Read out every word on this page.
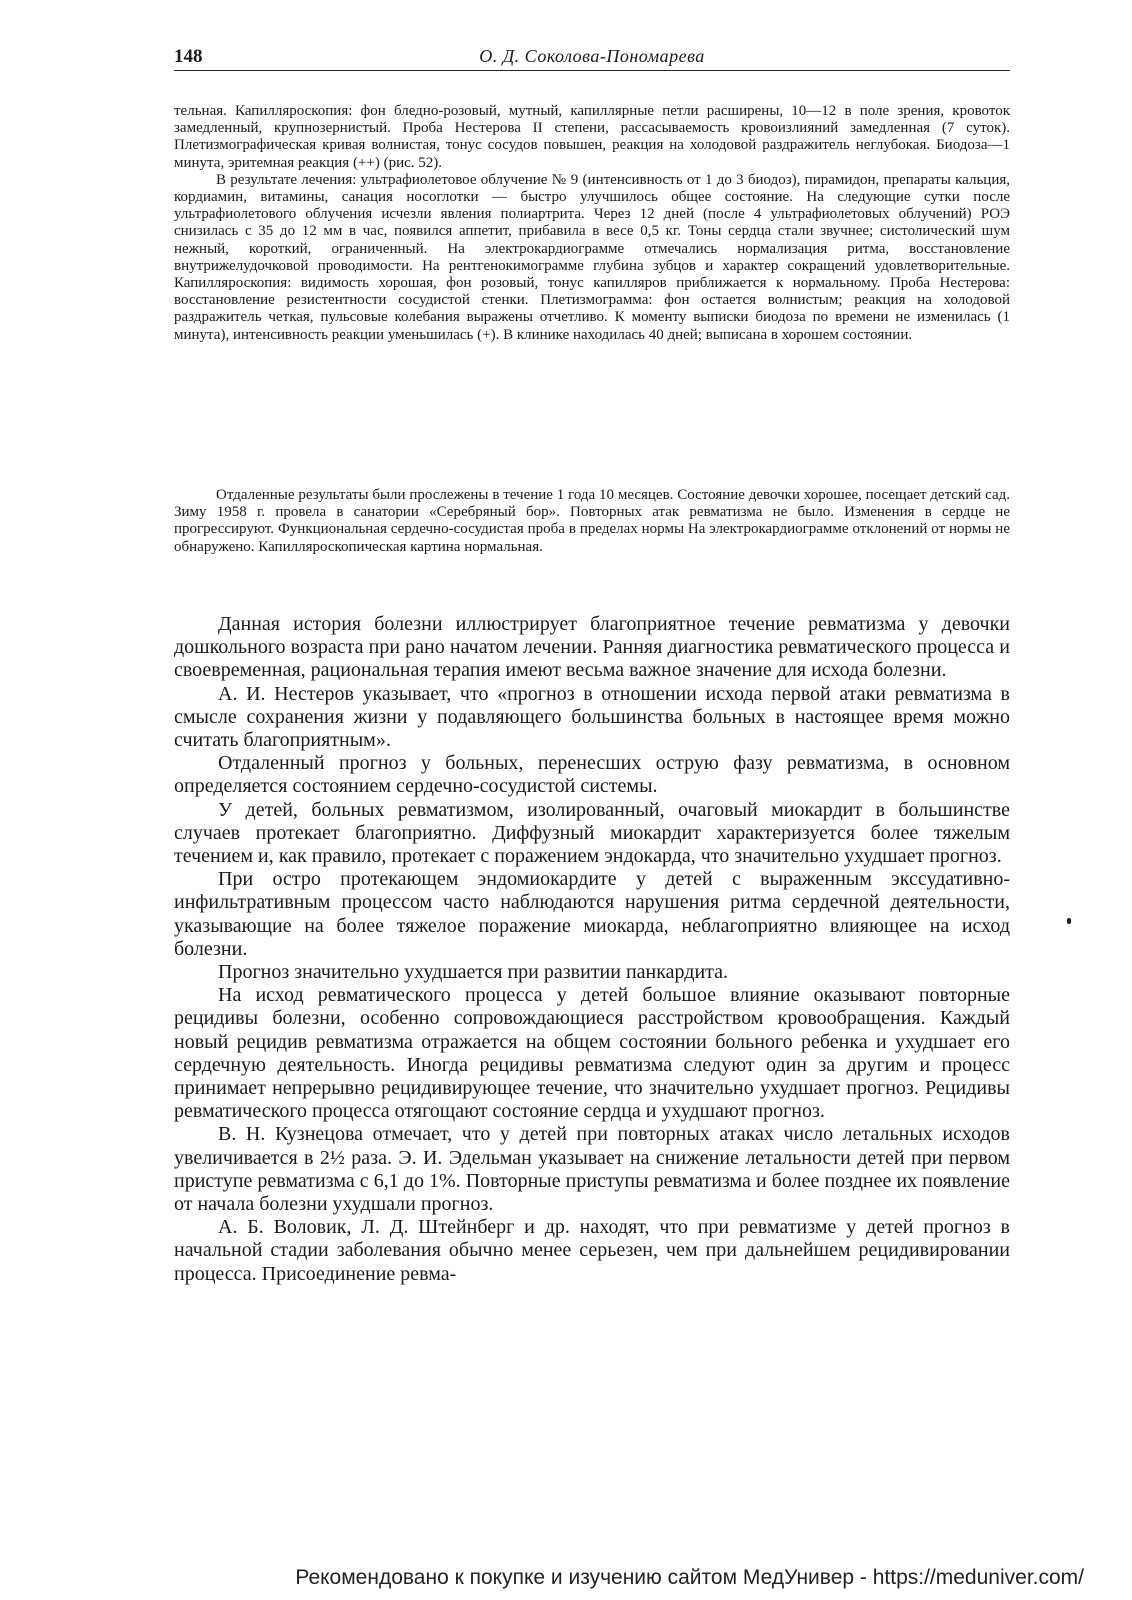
148	О. Д. Соколова-Пономарева

тельная. Капилляроскопия: фон бледно-розовый, мутный, капиллярные петли расширены, 10—12 в поле зрения, кровоток замедленный, крупнозернистый. Проба Нестерова II степени, рассасываемость кровоизлияний замедленная (7 суток). Плетизмографическая кривая волнистая, тонус сосудов повышен, реакция на холодовой раздражитель неглубокая. Биодоза—1 минута, эритемная реакция (++) (рис. 52).

В результате лечения: ультрафиолетовое облучение № 9 (интенсивность от 1 до 3 биодоз), пирамидон, препараты кальция, кордиамин, витамины, санация носоглотки — быстро улучшилось общее состояние. На следующие сутки после ультрафиолетового облучения исчезли явления полиартрита. Через 12 дней (после 4 ультрафиолетовых облучений) РОЭ снизилась с 35 до 12 мм в час, появился аппетит, прибавила в весе 0,5 кг. Тоны сердца стали звучнее; систолический шум нежный, короткий, ограниченный. На электрокардиограмме отмечались нормализация ритма, восстановление внутрижелудочковой проводимости. На рентгенокимограмме глубина зубцов и характер сокращений удовлетворительные. Капилляроскопия: видимость хорошая, фон розовый, тонус капилляров приближается к нормальному. Проба Нестерова: восстановление резистентности сосудистой стенки. Плетизмограмма: фон остается волнистым; реакция на холодовой раздражитель четкая, пульсовые колебания выражены отчетливо. К моменту выписки биодоза по времени не изменилась (1 минута), интенсивность реакции уменьшилась (+). В клинике находилась 40 дней; выписана в хорошем состоянии.

Отдаленные результаты были прослежены в течение 1 года 10 месяцев. Состояние девочки хорошее, посещает детский сад. Зиму 1958 г. провела в санатории «Серебряный бор». Повторных атак ревматизма не было. Изменения в сердце не прогрессируют. Функциональная сердечно-сосудистая проба в пределах нормы На электрокардиограмме отклонений от нормы не обнаружено. Капилляроскопическая картина нормальная.

Данная история болезни иллюстрирует благоприятное течение ревматизма у девочки дошкольного возраста при рано начатом лечении. Ранняя диагностика ревматического процесса и своевременная, рациональная терапия имеют весьма важное значение для исхода болезни.

А. И. Нестеров указывает, что «прогноз в отношении исхода первой атаки ревматизма в смысле сохранения жизни у подавляющего большинства больных в настоящее время можно считать благоприятным».

Отдаленный прогноз у больных, перенесших острую фазу ревматизма, в основном определяется состоянием сердечно-сосудистой системы.

У детей, больных ревматизмом, изолированный, очаговый миокардит в большинстве случаев протекает благоприятно. Диффузный миокардит характеризуется более тяжелым течением и, как правило, протекает с поражением эндокарда, что значительно ухудшает прогноз.

При остро протекающем эндомиокардите у детей с выраженным экссудативно-инфильтративным процессом часто наблюдаются нарушения ритма сердечной деятельности, указывающие на более тяжелое поражение миокарда, неблагоприятно влияющее на исход болезни.

Прогноз значительно ухудшается при развитии панкардита.

На исход ревматического процесса у детей большое влияние оказывают повторные рецидивы болезни, особенно сопровождающиеся расстройством кровообращения. Каждый новый рецидив ревматизма отражается на общем состоянии больного ребенка и ухудшает его сердечную деятельность. Иногда рецидивы ревматизма следуют один за другим и процесс принимает непрерывно рецидивирующее течение, что значительно ухудшает прогноз. Рецидивы ревматического процесса отягощают состояние сердца и ухудшают прогноз.

В. Н. Кузнецова отмечает, что у детей при повторных атаках число летальных исходов увеличивается в 2½ раза. Э. И. Эдельман указывает на снижение летальности детей при первом приступе ревматизма с 6,1 до 1%. Повторные приступы ревматизма и более позднее их появление от начала болезни ухудшали прогноз.

А. Б. Воловик, Л. Д. Штейнберг и др. находят, что при ревматизме у детей прогноз в начальной стадии заболевания обычно менее серьезен, чем при дальнейшем рецидивировании процесса. Присоединение ревма-

Рекомендовано к покупке и изучению сайтом МедУнивер - https://meduniver.com/
